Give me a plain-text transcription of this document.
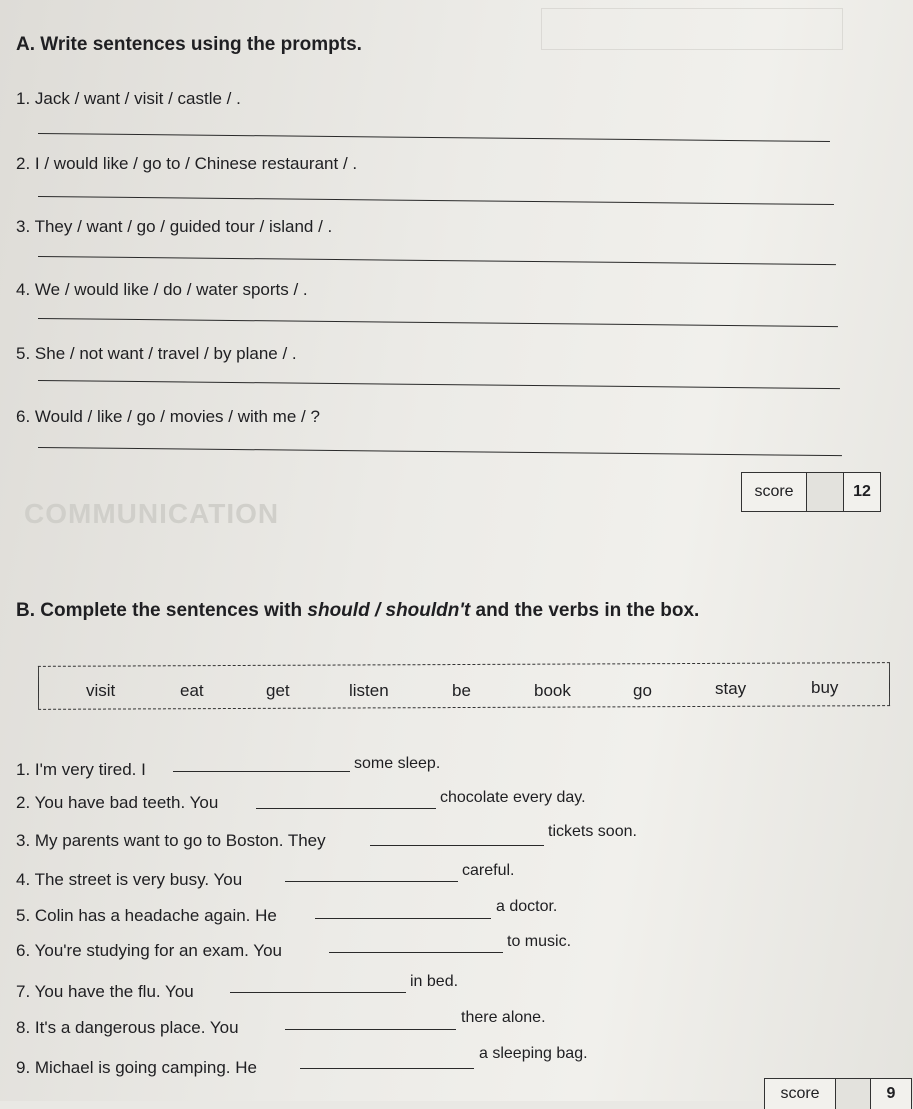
A. Write sentences using the prompts.
1. Jack / want / visit / castle / .
2. I / would like / go to / Chinese restaurant / .
3. They / want / go / guided tour / island / .
4. We / would like / do / water sports / .
5. She / not want / travel / by plane / .
6. Would / like / go / movies / with me / ?
score	12
COMMUNICATION
B. Complete the sentences with should / shouldn't and the verbs in the box.
visit	eat	get	listen	be	book	go	stay	buy
1. I'm very tired. I	some sleep.
2. You have bad teeth. You	chocolate every day.
3. My parents want to go to Boston. They	tickets soon.
4. The street is very busy. You	careful.
5. Colin has a headache again. He	a doctor.
6. You're studying for an exam. You	to music.
7. You have the flu. You
in bed.
8. It's a dangerous place. You
there alone.
9. Michael is going camping. He
a sleeping bag.
score	9
